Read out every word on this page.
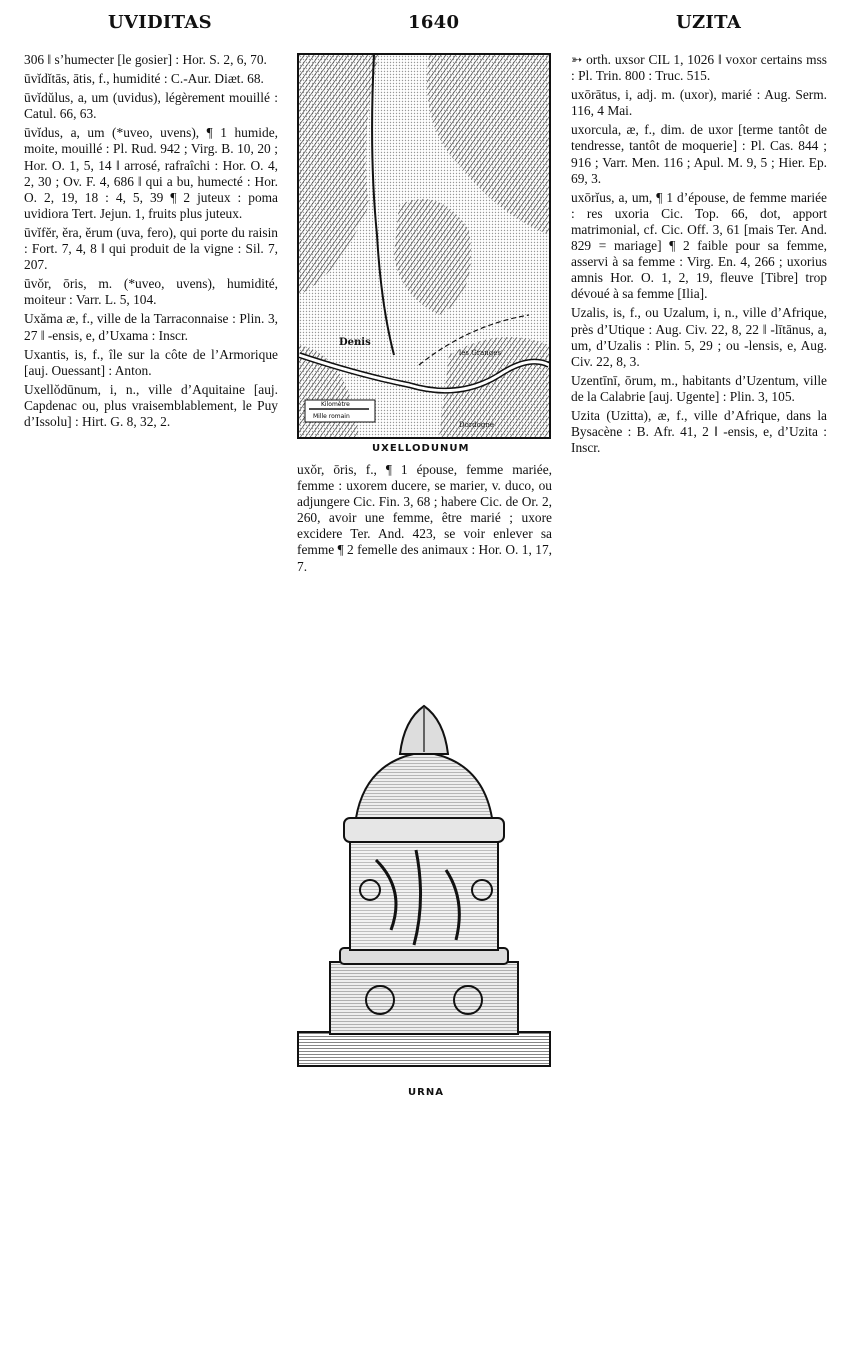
UVIDITAS	1640	UZITA

306 ‖ s’humecter [le gosier] : Hor. S. 2, 6, 70.

ūvĭdĭtās, ātis, f., humidité : C.-Aur. Diæt. 68.

ūvĭdŭlus, a, um (uvidus), légèrement mouillé : Catul. 66, 63.

ūvĭdus, a, um (*uveo, uvens), ¶ 1 humide, moite, mouillé : Pl. Rud. 942 ; Virg. B. 10, 20 ; Hor. O. 1, 5, 14 ‖ arrosé, rafraîchi : Hor. O. 4, 2, 30 ; Ov. F. 4, 686 ‖ qui a bu, humecté : Hor. O. 2, 19, 18 : 4, 5, 39 ¶ 2 juteux : poma uvidiora Tert. Jejun. 1, fruits plus juteux.

ūvĭfĕr, ĕra, ĕrum (uva, fero), qui porte du raisin : Fort. 7, 4, 8 ‖ qui produit de la vigne : Sil. 7, 207.

ūvŏr, ōris, m. (*uveo, uvens), humidité, moiteur : Varr. L. 5, 104.

Uxăma æ, f., ville de la Tarraconnaise : Plin. 3, 27 ‖ -ensis, e, d’Uxama : Inscr.

Uxantis, is, f., île sur la côte de l’Armorique [auj. Ouessant] : Anton.

Uxellŏdūnum, i, n., ville d’Aquitaine [auj. Capdenac ou, plus vraisemblablement, le Puy d’Issolu] : Hirt. G. 8, 32, 2.

Kilomètre
Mille romain
Denis
Dordogne
les Granges
UXELLODUNUM

uxŏr, ōris, f., ¶ 1 épouse, femme mariée, femme : uxorem ducere, se marier, v. duco, ou adjungere Cic. Fin. 3, 68 ; habere Cic. de Or. 2, 260, avoir une femme, être marié ; uxore excidere Ter. And. 423, se voir enlever sa femme ¶ 2 femelle des animaux : Hor. O. 1, 17, 7.

➳ orth. uxsor CIL 1, 1026 ‖ voxor certains mss : Pl. Trin. 800 : Truc. 515.

uxōrātus, i, adj. m. (uxor), marié : Aug. Serm. 116, 4 Mai.

uxorcula, æ, f., dim. de uxor [terme tantôt de tendresse, tantôt de moquerie] : Pl. Cas. 844 ; 916 ; Varr. Men. 116 ; Apul. M. 9, 5 ; Hier. Ep. 69, 3.

uxōrĭus, a, um, ¶ 1 d’épouse, de femme mariée : res uxoria Cic. Top. 66, dot, apport matrimonial, cf. Cic. Off. 3, 61 [mais Ter. And. 829 = mariage] ¶ 2 faible pour sa femme, asservi à sa femme : Virg. En. 4, 266 ; uxorius amnis Hor. O. 1, 2, 19, fleuve [Tibre] trop dévoué à sa femme [Ilia].

Uzalis, is, f., ou Uzalum, i, n., ville d’Afrique, près d’Utique : Aug. Civ. 22, 8, 22 ‖ -lītānus, a, um, d’Uzalis : Plin. 5, 29 ; ou -lensis, e, Aug. Civ. 22, 8, 3.

Uzentīnī, ōrum, m., habitants d’Uzentum, ville de la Calabrie [auj. Ugente] : Plin. 3, 105.

Uzita (Uzitta), æ, f., ville d’Afrique, dans la Bysacène : B. Afr. 41, 2 ‖ -ensis, e, d’Uzita : Inscr.

URNA
